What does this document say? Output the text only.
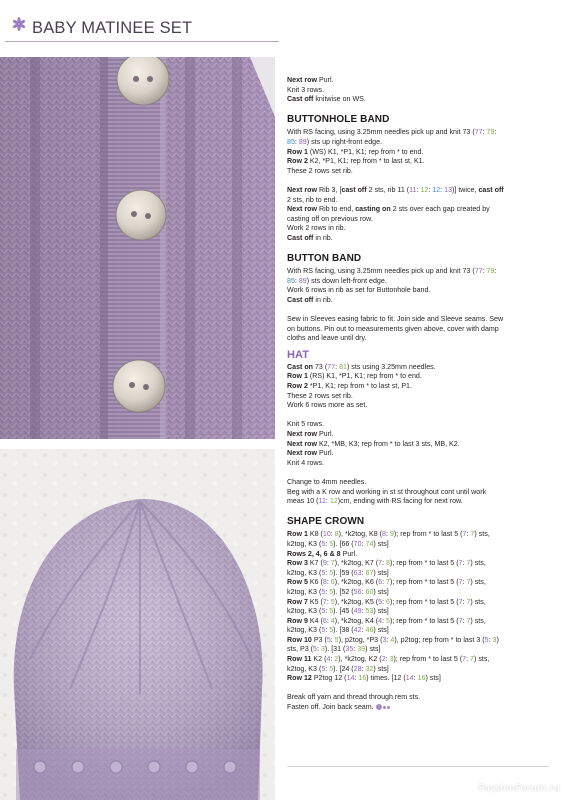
BABY MATINEE SET

Next row Purl.

Knit 3 rows.

Cast off knitwise on WS.

BUTTONHOLE BAND

With RS facing, using 3.25mm needles pick up and knit 73 (77: 79:

85: 89) sts up right-front edge.

Row 1 (WS) K1, *P1, K1; rep from * to end.

Row 2 K2, *P1, K1; rep from * to last st, K1.

These 2 rows set rib.

Next row Rib 3, [cast off 2 sts, rib 11 (11: 12: 12: 13)] twice, cast off

2 sts, rib to end.

Next row Rib to end, casting on 2 sts over each gap created by

casting off on previous row.

Work 2 rows in rib.

Cast off in rib.

BUTTON BAND

With RS facing, using 3.25mm needles pick up and knit 73 (77: 79:

85: 89) sts down left-front edge.

Work 6 rows in rib as set for Buttonhole band.

Cast off in rib.

Sew in Sleeves easing fabric to fit. Join side and Sleeve seams. Sew

on buttons. Pin out to measurements given above, cover with damp

cloths and leave until dry.

HAT

Cast on 73 (77: 81) sts using 3.25mm needles.

Row 1 (RS) K1, *P1, K1; rep from * to end.

Row 2 *P1, K1; rep from * to last st, P1.

These 2 rows set rib.

Work 6 rows more as set.

Knit 5 rows.

Next row Purl.

Next row K2, *MB, K3; rep from * to last 3 sts, MB, K2.

Next row Purl.

Knit 4 rows.

Change to 4mm needles.

Beg with a K row and working in st st throughout cont until work

meas 10 (11: 12)cm, ending with RS facing for next row.

SHAPE CROWN

Row 1 K8 (10: 8), *k2tog, K8 (8: 9); rep from * to last 5 (7: 7) sts,

k2tog, K3 (5: 5). [66 (70: 74) sts]

Rows 2, 4, 6 & 8 Purl.

Row 3 K7 (9: 7), *k2tog, K7 (7: 8); rep from * to last 5 (7: 7) sts,

k2tog, K3 (5: 5). [59 (63: 67) sts]

Row 5 K6 (8: 6), *k2tog, K6 (6: 7); rep from * to last 5 (7: 7) sts,

k2tog, K3 (5: 5). [52 (56: 60) sts]

Row 7 K5 (7: 5), *k2tog, K5 (5: 6); rep from * to last 5 (7: 7) sts,

k2tog, K3 (5: 5). [45 (49: 53) sts]

Row 9 K4 (6: 4), *k2tog, K4 (4: 5); rep from * to last 5 (7: 7) sts,

k2tog, K3 (5: 5). [38 (42: 46) sts]

Row 10 P3 (5: 5), p2tog, *P3 (3: 4), p2tog; rep from * to last 3 (5: 3)

sts, P3 (5: 3). [31 (35: 39) sts]

Row 11 K2 (4: 2), *k2tog, K2 (2: 3); rep from * to last 5 (7: 7) sts,

k2tog, K3 (5: 5). [24 (28: 32) sts]

Row 12 P2tog 12 (14: 16) times. [12 (14: 16) sts]

Break off yarn and thread through rem sts.

Fasten off. Join back seam.

PassionForum.ru
